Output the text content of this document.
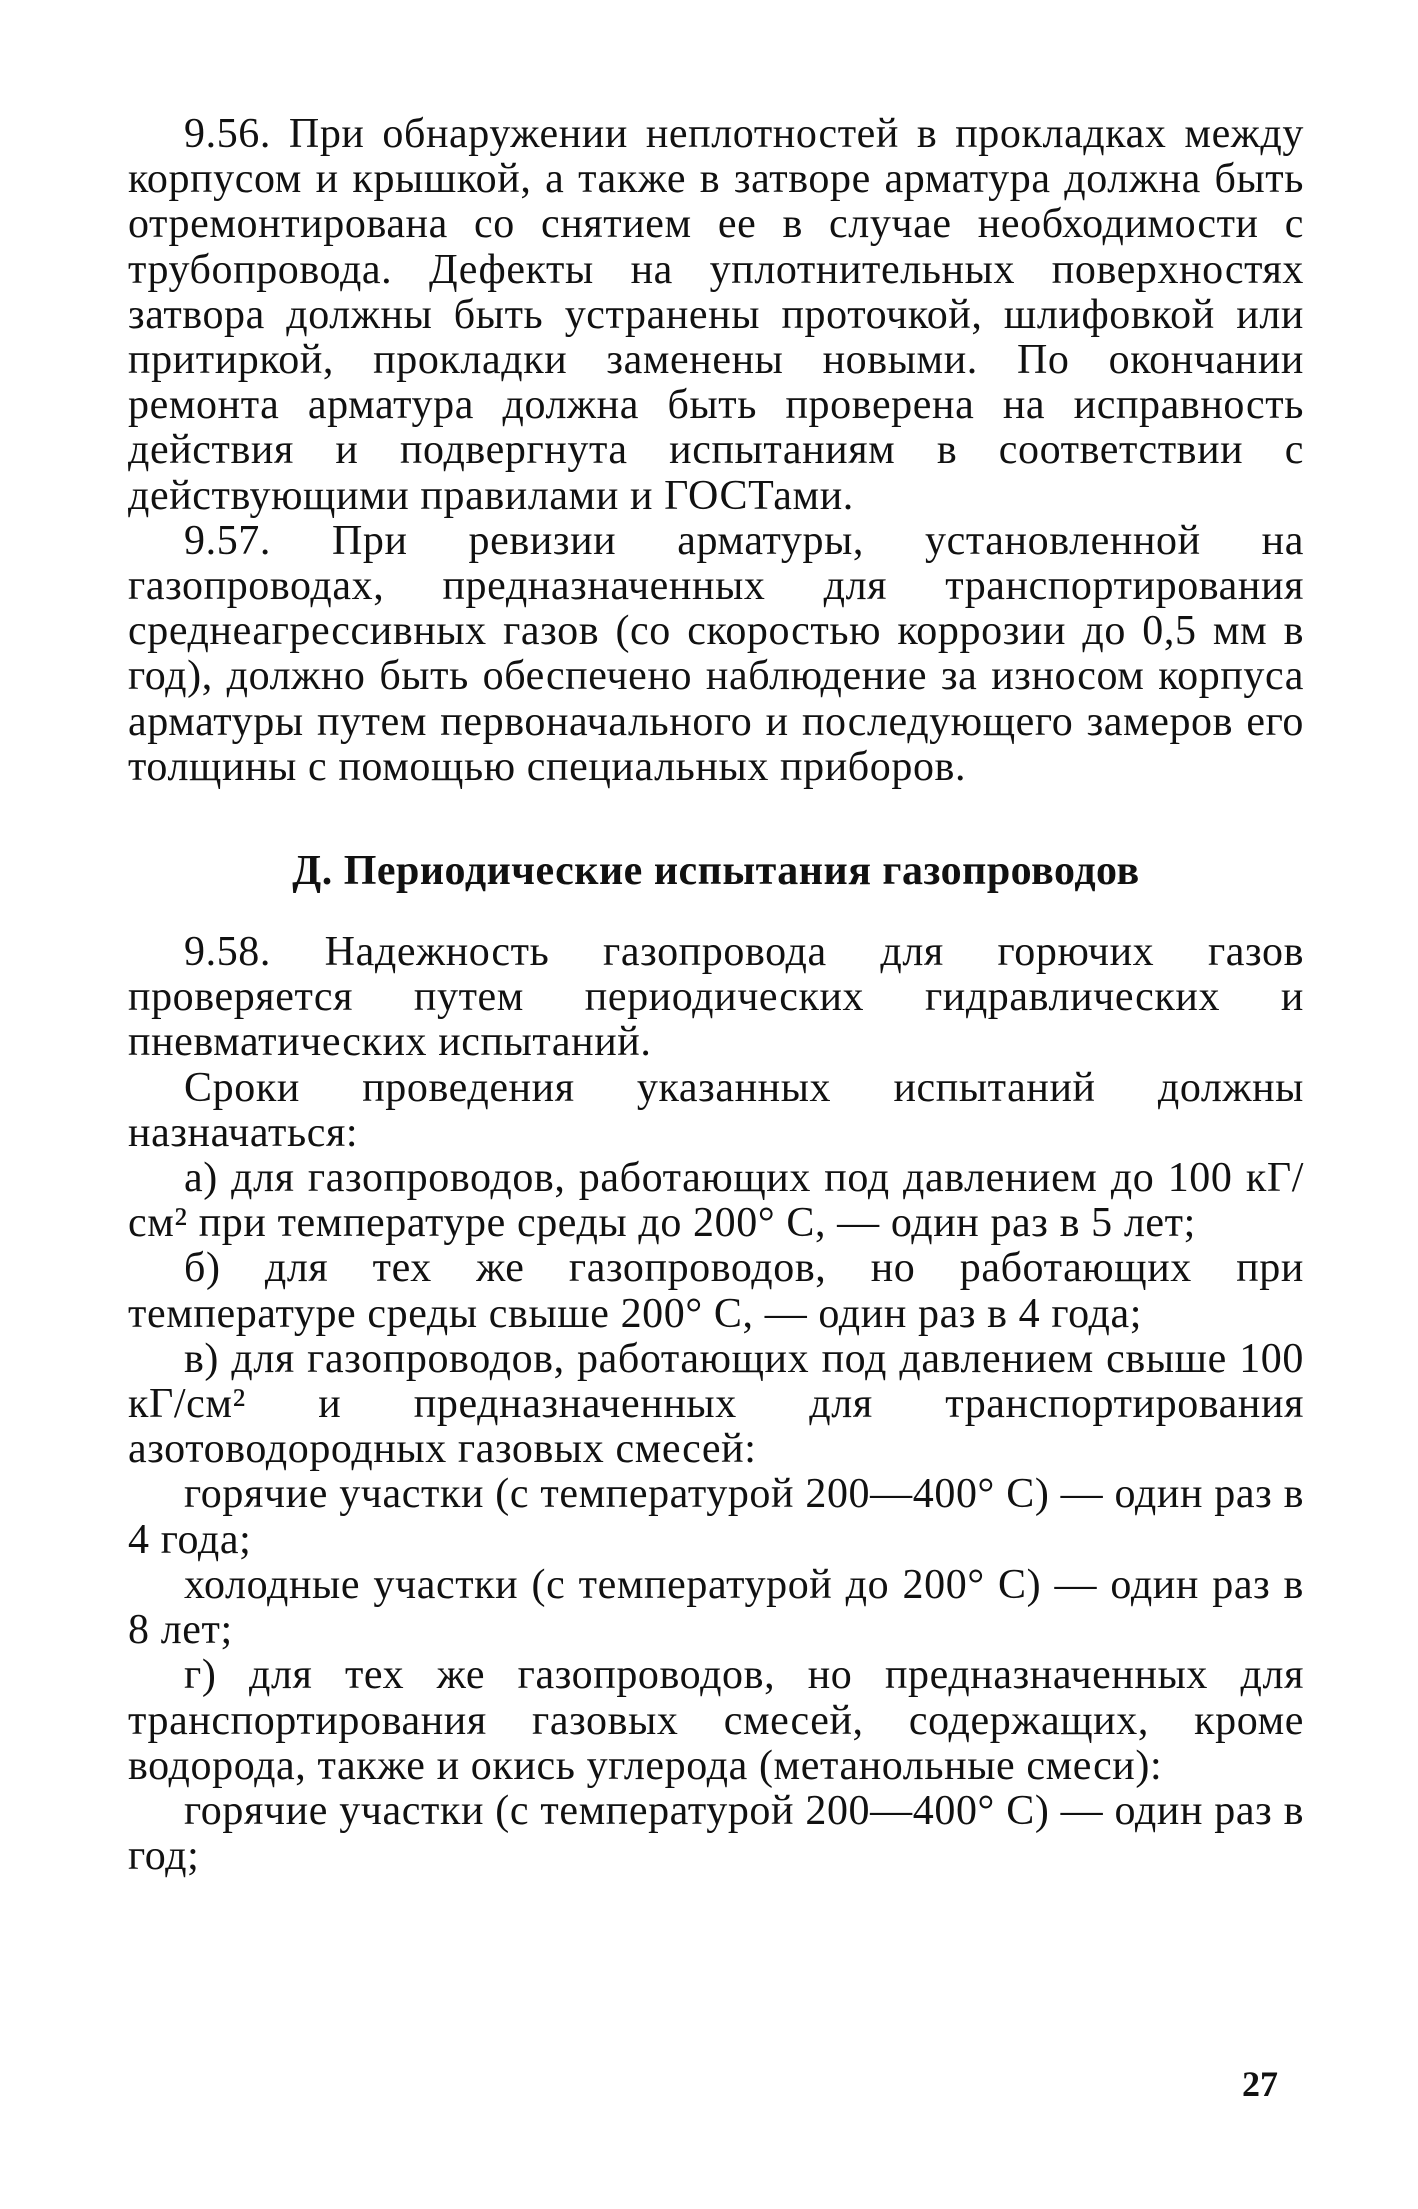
9.56. При обнаружении неплотностей в прокладках между корпусом и крышкой, а также в затворе арматура должна быть отремонтирована со снятием ее в случае необходимости с трубопровода. Дефекты на уплотнительных поверхностях затвора должны быть устранены проточкой, шлифовкой или притиркой, прокладки заменены новыми. По окончании ремонта арматура должна быть проверена на исправность действия и подвергнута испытаниям в соответствии с действующими правилами и ГОСТами.

9.57. При ревизии арматуры, установленной на газопроводах, предназначенных для транспортирования среднеагрессивных газов (со скоростью коррозии до 0,5 мм в год), должно быть обеспечено наблюдение за износом корпуса арматуры путем первоначального и последующего замеров его толщины с помощью специальных приборов.

Д. Периодические испытания газопроводов

9.58. Надежность газопровода для горючих газов проверяется путем периодических гидравлических и пневматических испытаний.

Сроки проведения указанных испытаний должны назначаться:

а) для газопроводов, работающих под давлением до 100 кГ/см² при температуре среды до 200° С, — один раз в 5 лет;

б) для тех же газопроводов, но работающих при температуре среды свыше 200° С, — один раз в 4 года;

в) для газопроводов, работающих под давлением свыше 100 кГ/см² и предназначенных для транспортирования азотоводородных газовых смесей:

горячие участки (с температурой 200—400° С) — один раз в 4 года;

холодные участки (с температурой до 200° С) — один раз в 8 лет;

г) для тех же газопроводов, но предназначенных для транспортирования газовых смесей, содержащих, кроме водорода, также и окись углерода (метанольные смеси):

горячие участки (с температурой 200—400° С) — один раз в год;

27
